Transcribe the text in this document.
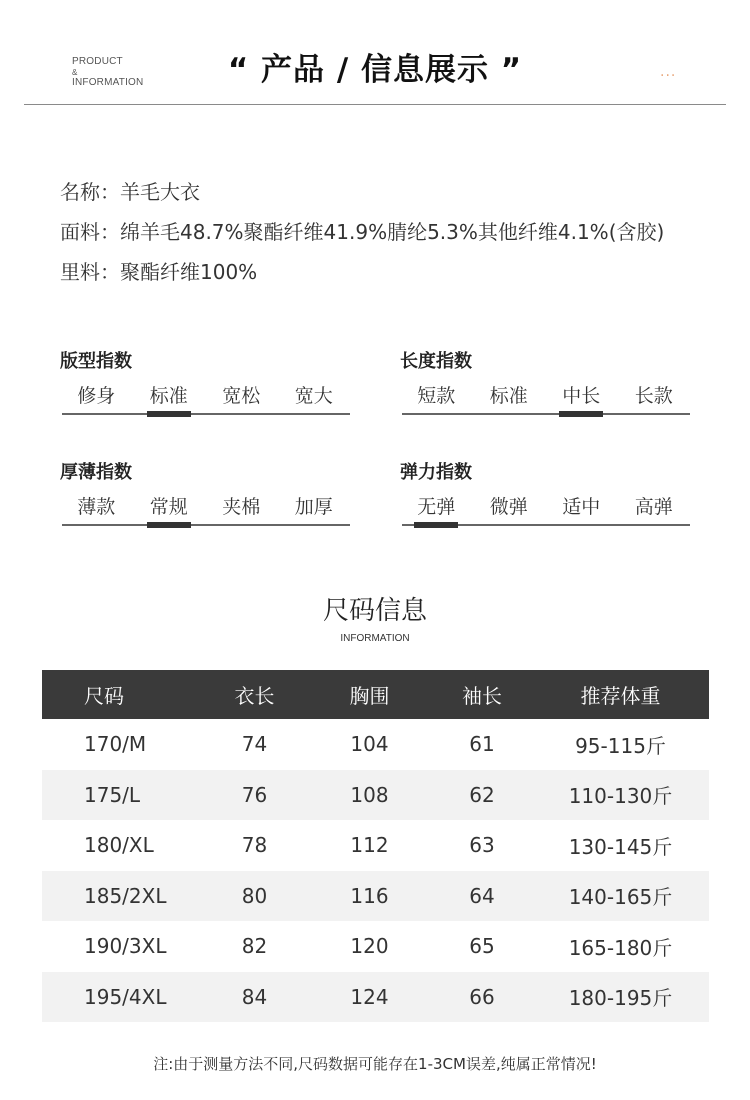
PRODUCT
&
INFORMATION	“ 产品 / 信息展示 ”	···
名称：羊毛大衣
面料：绵羊毛48.7%聚酯纤维41.9%腈纶5.3%其他纤维4.1%(含胶)
里料：聚酯纤维100%
版型指数
修身	标准	宽松	宽大
长度指数
短款	标准	中长	长款
厚薄指数
薄款	常规	夹棉	加厚
弹力指数
无弹	微弹	适中	高弹
尺码信息
INFORMATION
尺码	衣长	胸围	袖长	推荐体重
170/M	74	104	61	95-115斤
175/L	76	108	62	110-130斤
180/XL	78	112	63	130-145斤
185/2XL	80	116	64	140-165斤
190/3XL	82	120	65	165-180斤
195/4XL	84	124	66	180-195斤
注:由于测量方法不同,尺码数据可能存在1-3CM误差,纯属正常情况!
